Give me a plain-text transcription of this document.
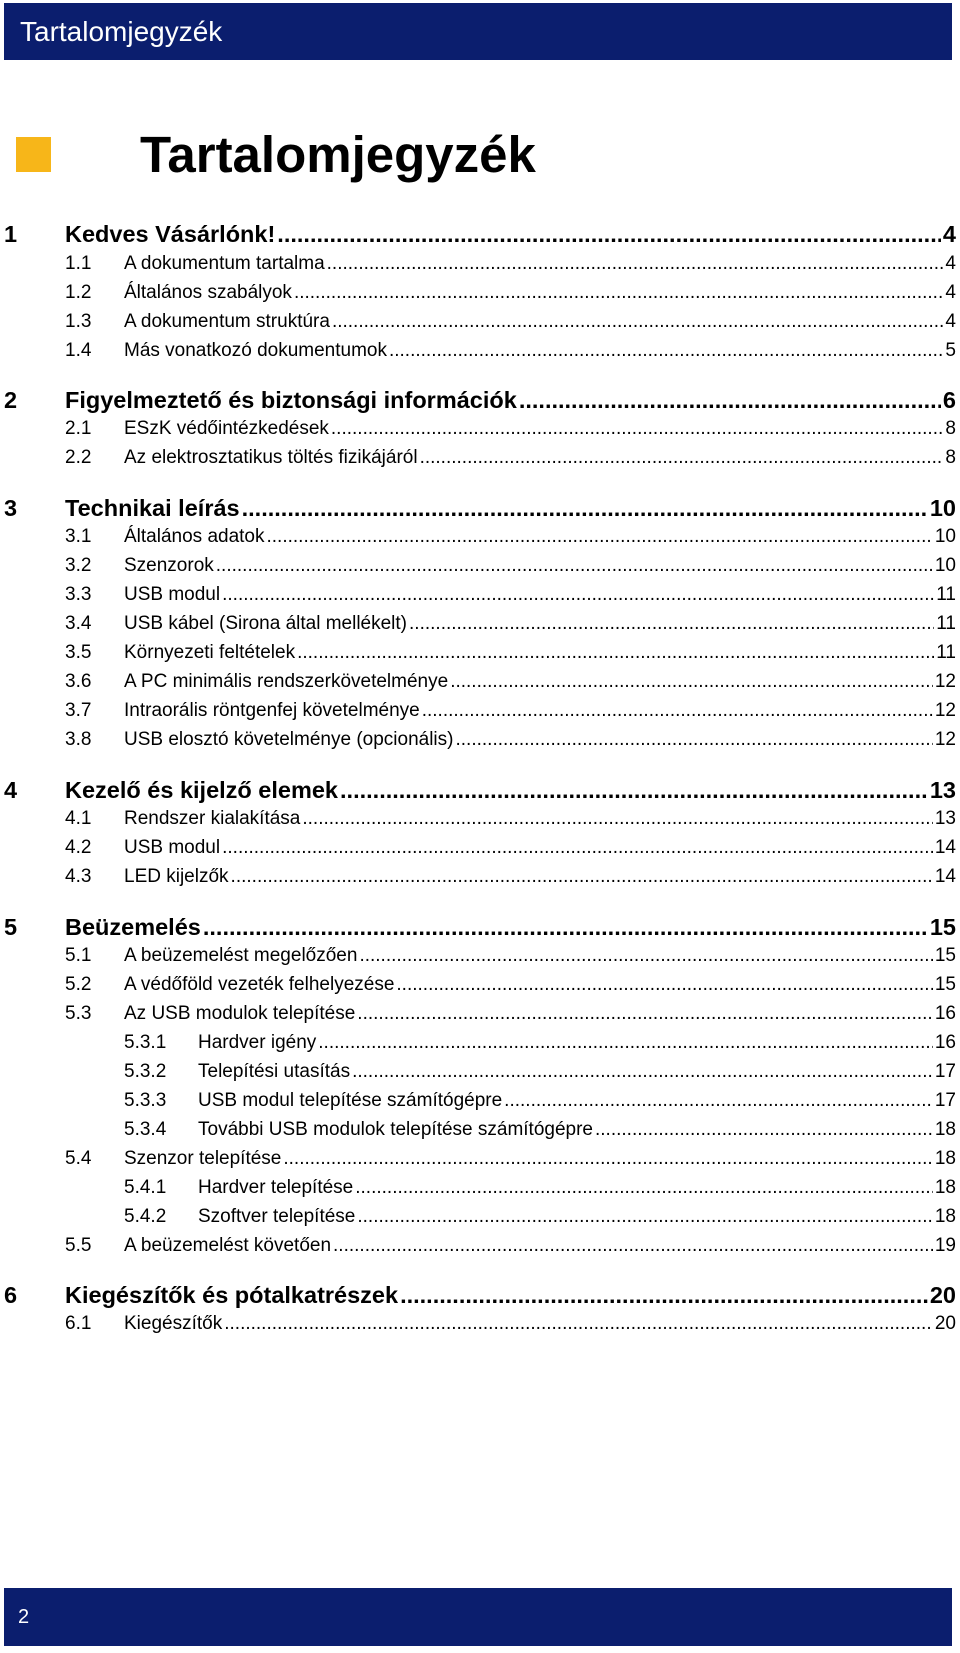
Tartalomjegyzék
Tartalomjegyzék
1	Kedves Vásárlónk! .....	4
1.1	A dokumentum tartalma .....	4
1.2	Általános szabályok .....	4
1.3	A dokumentum struktúra .....	4
1.4	Más vonatkozó dokumentumok .....	5
2	Figyelmeztető és biztonsági információk .....	6
2.1	ESzK védőintézkedések .....	8
2.2	Az elektrosztatikus töltés fizikájáról .....	8
3	Technikai leírás .....	10
3.1	Általános adatok .....	10
3.2	Szenzorok .....	10
3.3	USB modul .....	11
3.4	USB kábel (Sirona által mellékelt) .....	11
3.5	Környezeti feltételek .....	11
3.6	A PC minimális rendszerkövetelménye .....	12
3.7	Intraorális röntgenfej követelménye .....	12
3.8	USB elosztó követelménye (opcionális) .....	12
4	Kezelő és kijelző elemek .....	13
4.1	Rendszer kialakítása .....	13
4.2	USB modul .....	14
4.3	LED kijelzők .....	14
5	Beüzemelés .....	15
5.1	A beüzemelést megelőzően .....	15
5.2	A védőföld vezeték felhelyezése .....	15
5.3	Az USB modulok telepítése .....	16
5.3.1	Hardver igény .....	16
5.3.2	Telepítési utasítás .....	17
5.3.3	USB modul telepítése számítógépre .....	17
5.3.4	További USB modulok telepítése számítógépre .....	18
5.4	Szenzor telepítése .....	18
5.4.1	Hardver telepítése .....	18
5.4.2	Szoftver telepítése .....	18
5.5	A beüzemelést követően .....	19
6	Kiegészítők és pótalkatrészek .....	20
6.1	Kiegészítők .....	20
2
